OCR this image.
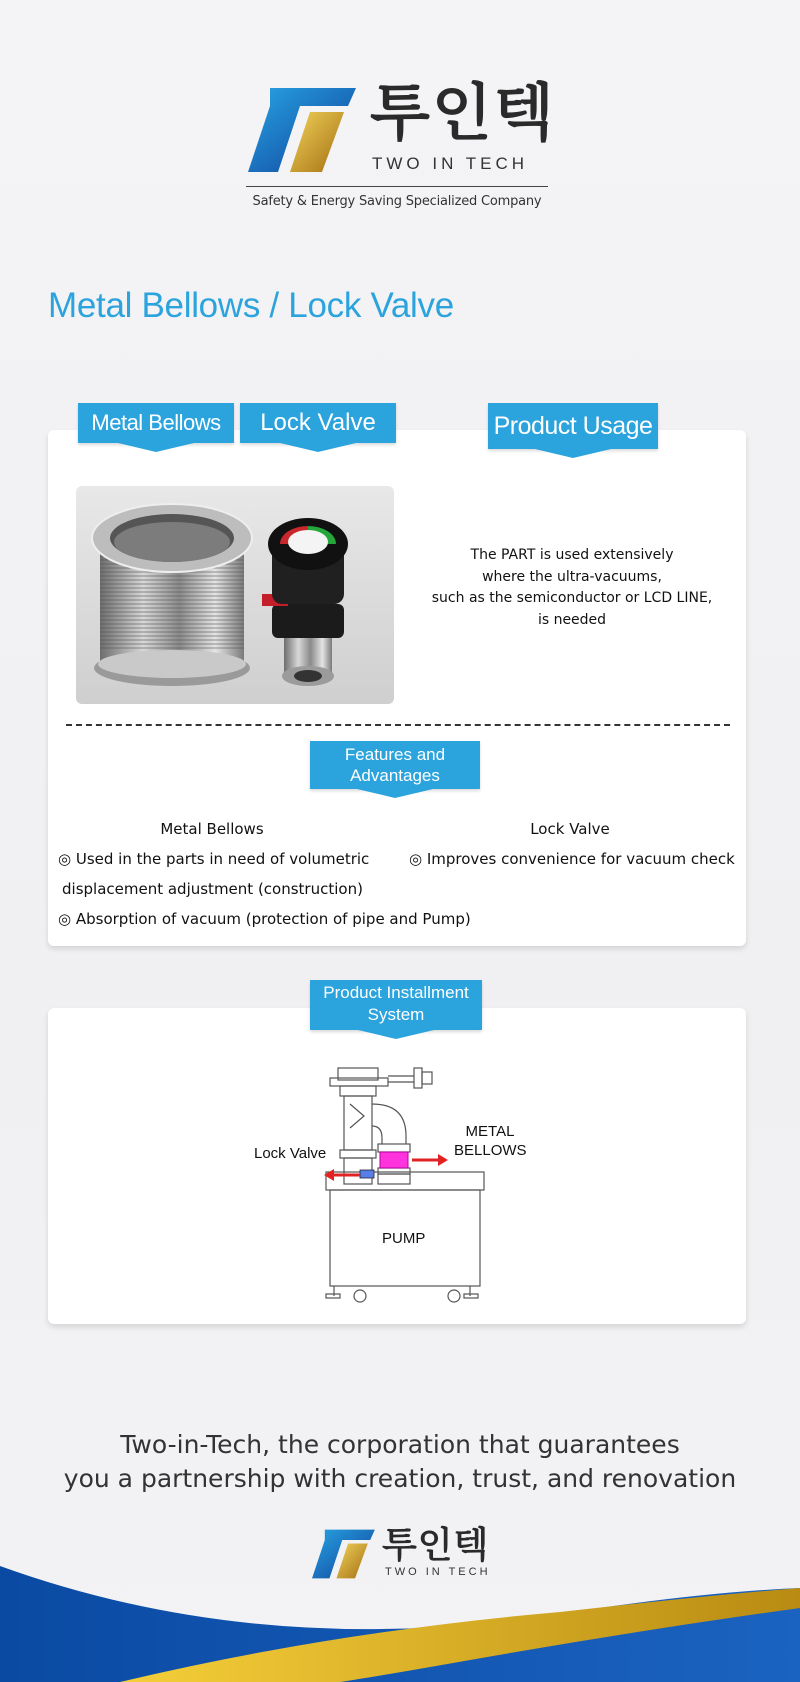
투인텍
TWO IN TECH
Safety & Energy Saving Specialized Company
Metal Bellows / Lock Valve
Metal Bellows	Lock Valve	Product Usage
The PART is used extensively
where the ultra-vacuums,
such as the semiconductor or LCD LINE,
is needed
Features and
Advantages
Metal Bellows
◎ Used in the parts in need of volumetric
displacement adjustment (construction)
◎ Absorption of vacuum (protection of pipe and Pump)
Lock Valve
◎ Improves convenience for vacuum check
Product Installment
System
Lock Valve
METAL
BELLOWS
PUMP
Two-in-Tech, the corporation that guarantees
you a partnership with creation, trust, and renovation
투인텍
TWO IN TECH
